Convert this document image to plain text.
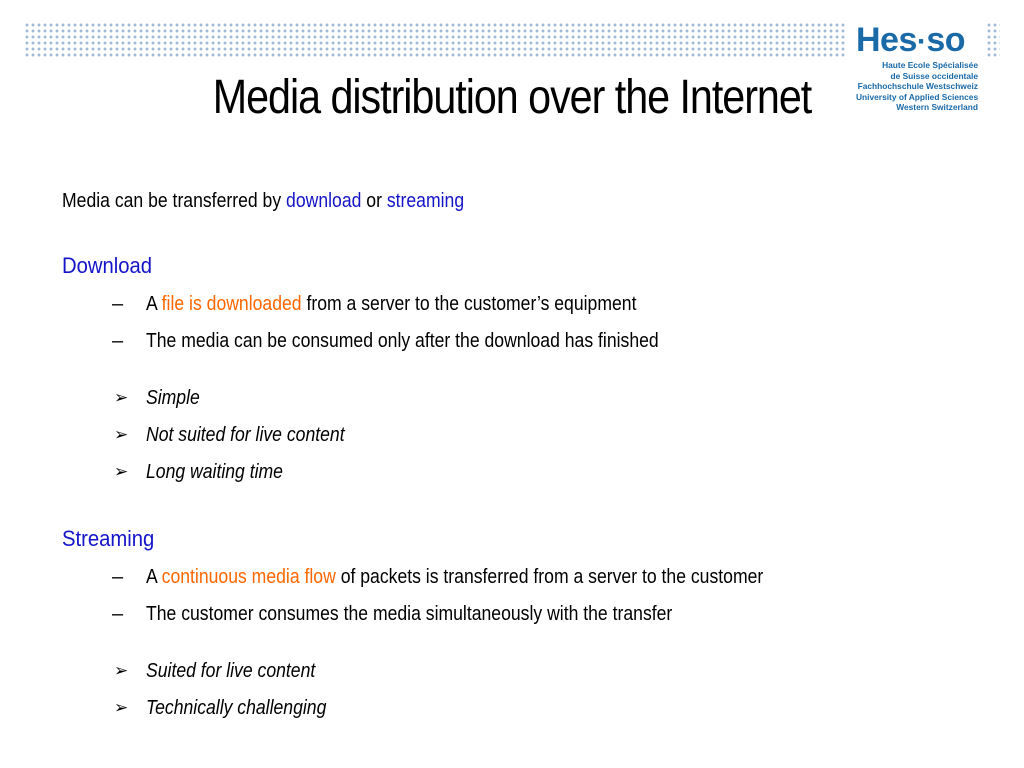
Hes·so
Haute Ecole Spécialisée
de Suisse occidentale
Fachhochschule Westschweiz
University of Applied Sciences
Western Switzerland
Media distribution over the Internet
Media can be transferred by download or streaming
Download
– A file is downloaded from a server to the customer’s equipment
– The media can be consumed only after the download has finished
➢ Simple
➢ Not suited for live content
➢ Long waiting time
Streaming
– A continuous media flow of packets is transferred from a server to the customer
– The customer consumes the media simultaneously with the transfer
➢ Suited for live content
➢ Technically challenging
